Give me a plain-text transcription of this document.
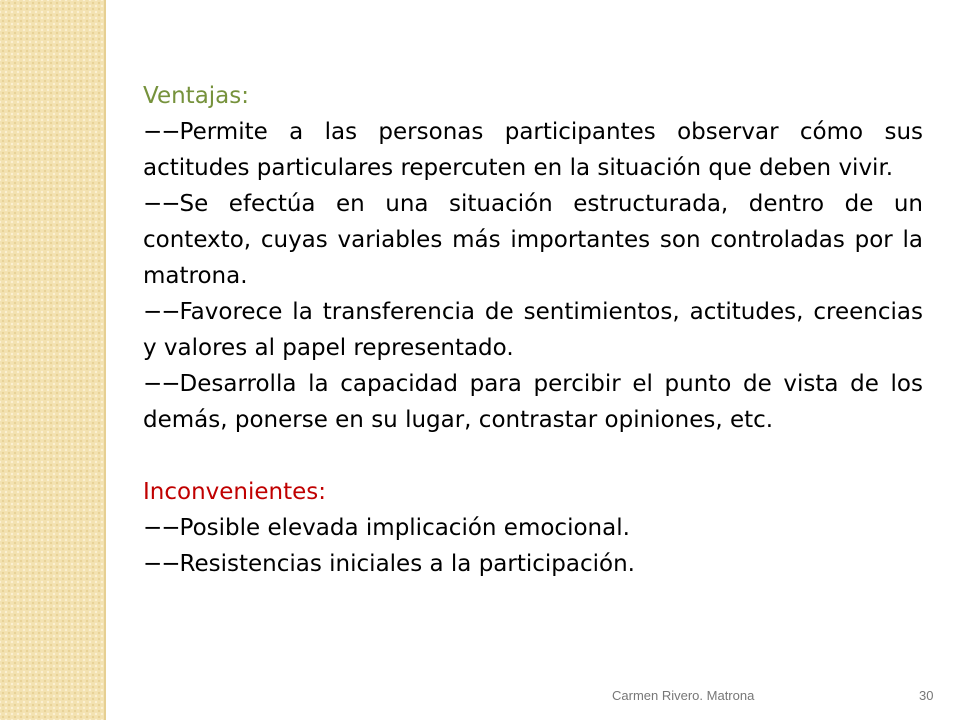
Ventajas:

−−Permite a las personas participantes observar cómo sus actitudes particulares repercuten en la situación que deben vivir.

−−Se efectúa en una situación estructurada, dentro de un contexto, cuyas variables más importantes son controladas por la matrona.

−−Favorece la transferencia de sentimientos, actitudes, creencias y valores al papel representado.

−−Desarrolla la capacidad para percibir el punto de vista de los demás, ponerse en su lugar, contrastar opiniones, etc.

Inconvenientes:

−−Posible elevada implicación emocional.

−−Resistencias iniciales a la participación.

Carmen Rivero. Matrona	30
